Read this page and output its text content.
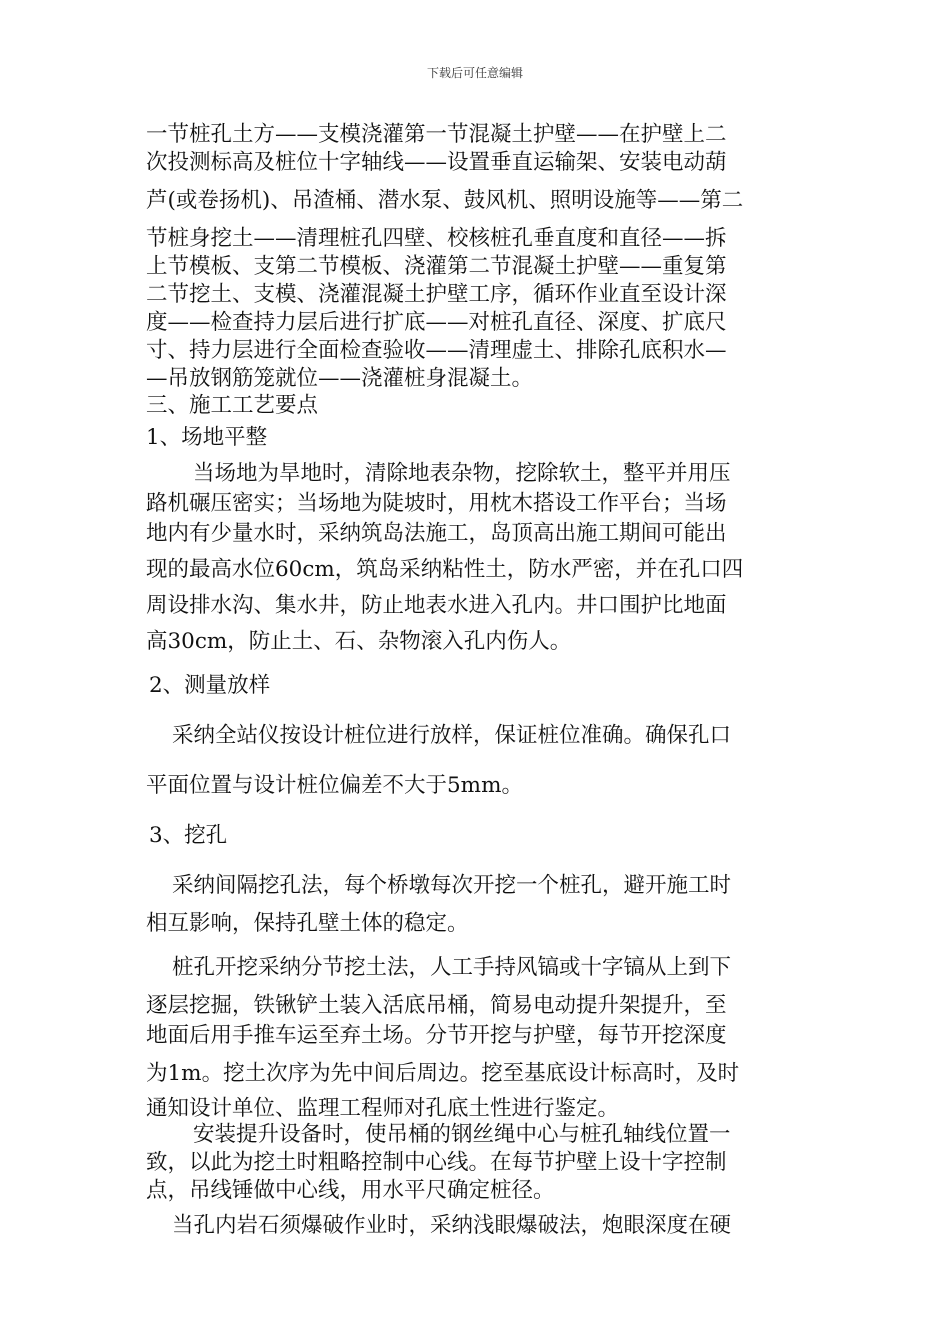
下载后可任意编辑
一节桩孔土方——支模浇灌第一节混凝土护壁——在护壁上二
次投测标高及桩位十字轴线——设置垂直运输架、安装电动葫
芦(或卷扬机)、吊渣桶、潜水泵、鼓风机、照明设施等——第二
节桩身挖土——清理桩孔四壁、校核桩孔垂直度和直径——拆
上节模板、支第二节模板、浇灌第二节混凝土护壁——重复第
二节挖土、支模、浇灌混凝土护壁工序，循环作业直至设计深
度——检查持力层后进行扩底——对桩孔直径、深度、扩底尺
寸、持力层进行全面检查验收——清理虚土、排除孔底积水—
—吊放钢筋笼就位——浇灌桩身混凝土。
三、施工工艺要点
1、场地平整
当场地为旱地时，清除地表杂物，挖除软土，整平并用压
路机碾压密实；当场地为陡坡时，用枕木搭设工作平台；当场
地内有少量水时，采纳筑岛法施工，岛顶高出施工期间可能出
现的最高水位60cm，筑岛采纳粘性土，防水严密，并在孔口四
周设排水沟、集水井，防止地表水进入孔内。井口围护比地面
高30cm，防止土、石、杂物滚入孔内伤人。
2、测量放样
采纳全站仪按设计桩位进行放样，保证桩位准确。确保孔口
平面位置与设计桩位偏差不大于5mm。
3、挖孔
采纳间隔挖孔法，每个桥墩每次开挖一个桩孔，避开施工时
相互影响，保持孔壁土体的稳定。
桩孔开挖采纳分节挖土法，人工手持风镐或十字镐从上到下
逐层挖掘，铁锹铲土装入活底吊桶，简易电动提升架提升，至
地面后用手推车运至弃土场。分节开挖与护壁，每节开挖深度
为1m。挖土次序为先中间后周边。挖至基底设计标高时，及时
通知设计单位、监理工程师对孔底土性进行鉴定。
安装提升设备时，使吊桶的钢丝绳中心与桩孔轴线位置一
致，以此为挖土时粗略控制中心线。在每节护壁上设十字控制
点，吊线锤做中心线，用水平尺确定桩径。
当孔内岩石须爆破作业时，采纳浅眼爆破法，炮眼深度在硬
